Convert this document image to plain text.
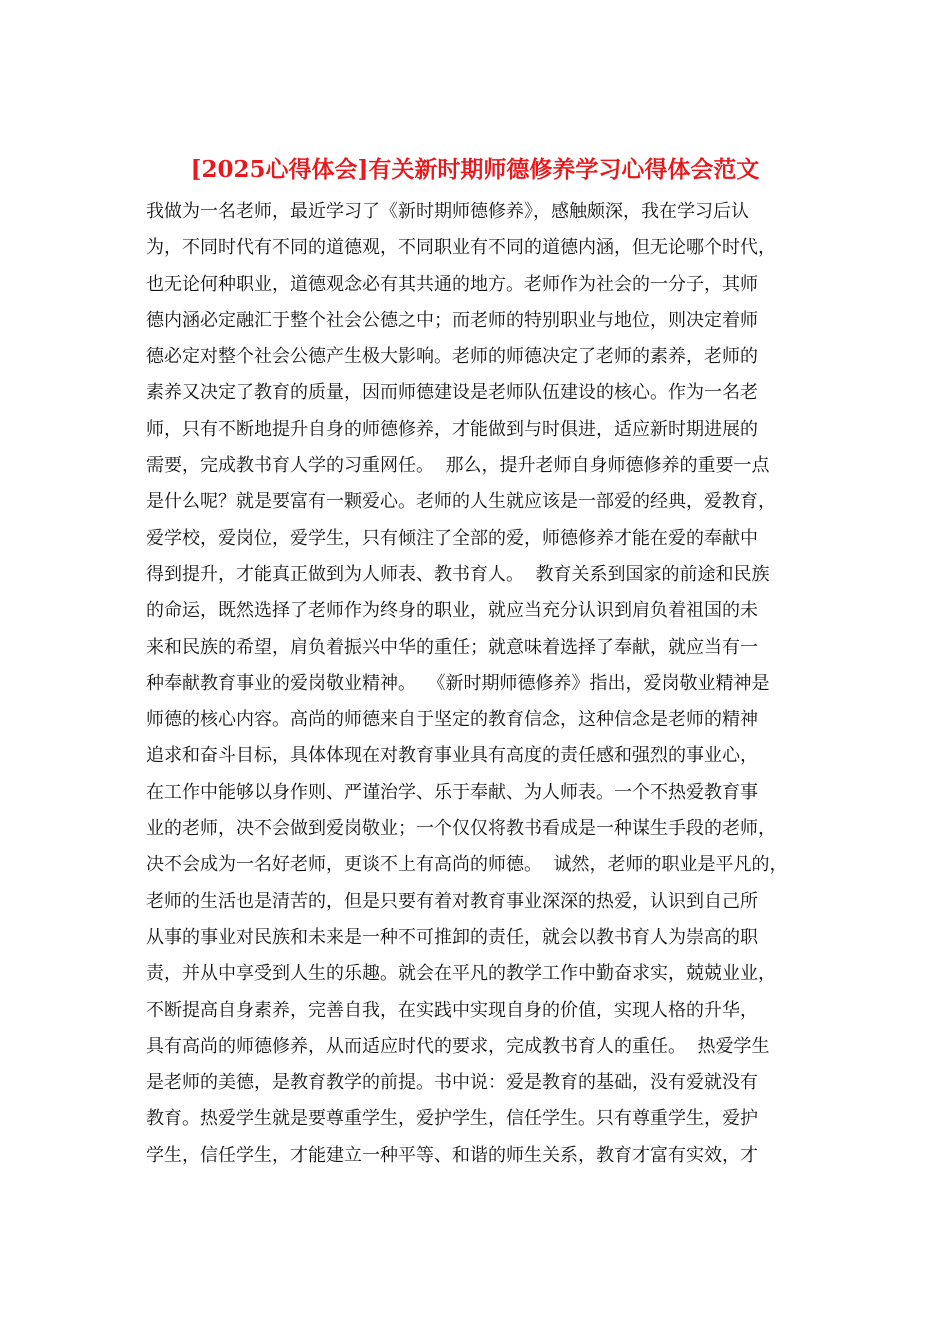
[2025心得体会]有关新时期师德修养学习心得体会范文
我做为一名老师，最近学习了《新时期师德修养》，感触颇深，我在学习后认
为，不同时代有不同的道德观，不同职业有不同的道德内涵，但无论哪个时代，
也无论何种职业，道德观念必有其共通的地方。老师作为社会的一分子，其师
德内涵必定融汇于整个社会公德之中；而老师的特别职业与地位，则决定着师
德必定对整个社会公德产生极大影响。老师的师德决定了老师的素养，老师的
素养又决定了教育的质量，因而师德建设是老师队伍建设的核心。作为一名老
师，只有不断地提升自身的师德修养，才能做到与时俱进，适应新时期进展的
需要，完成教书育人学的习重网任。  那么，提升老师自身师德修养的重要一点
是什么呢？就是要富有一颗爱心。老师的人生就应该是一部爱的经典，爱教育，
爱学校，爱岗位，爱学生，只有倾注了全部的爱，师德修养才能在爱的奉献中
得到提升，才能真正做到为人师表、教书育人。  教育关系到国家的前途和民族
的命运，既然选择了老师作为终身的职业，就应当充分认识到肩负着祖国的未
来和民族的希望，肩负着振兴中华的重任；就意味着选择了奉献，就应当有一
种奉献教育事业的爱岗敬业精神。  《新时期师德修养》指出，爱岗敬业精神是
师德的核心内容。高尚的师德来自于坚定的教育信念，这种信念是老师的精神
追求和奋斗目标，具体体现在对教育事业具有高度的责任感和强烈的事业心，
在工作中能够以身作则、严谨治学、乐于奉献、为人师表。一个不热爱教育事
业的老师，决不会做到爱岗敬业；一个仅仅将教书看成是一种谋生手段的老师，
决不会成为一名好老师，更谈不上有高尚的师德。  诚然，老师的职业是平凡的，
老师的生活也是清苦的，但是只要有着对教育事业深深的热爱，认识到自己所
从事的事业对民族和未来是一种不可推卸的责任，就会以教书育人为崇高的职
责，并从中享受到人生的乐趣。就会在平凡的教学工作中勤奋求实，兢兢业业，
不断提高自身素养，完善自我，在实践中实现自身的价值，实现人格的升华，
具有高尚的师德修养，从而适应时代的要求，完成教书育人的重任。  热爱学生
是老师的美德，是教育教学的前提。书中说：爱是教育的基础，没有爱就没有
教育。热爱学生就是要尊重学生，爱护学生，信任学生。只有尊重学生，爱护
学生，信任学生，才能建立一种平等、和谐的师生关系，教育才富有实效，才
